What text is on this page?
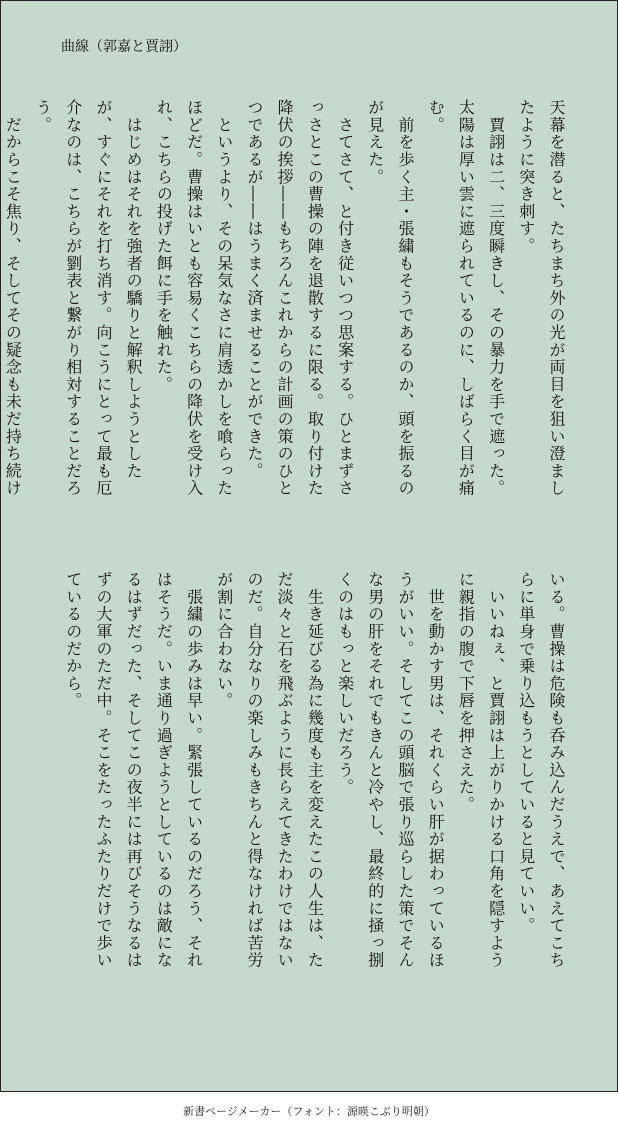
曲線（郭嘉と賈詡）

天幕を潜ると、たちまち外の光が両目を狙い澄ましたように突き刺す。

　賈詡は二、三度瞬きし、その暴力を手で遮った。太陽は厚い雲に遮られているのに、しばらく目が痛む。

　前を歩く主・張繍もそうであるのか、頭を振るのが見えた。

　さてさて、と付き従いつつ思案する。ひとまずさっさとこの曹操の陣を退散するに限る。取り付けた降伏の挨拶――もちろんこれからの計画の策のひとつであるが――はうまく済ませることができた。

　というより、その呆気なさに肩透かしを喰らったほどだ。曹操はいとも容易くこちらの降伏を受け入れ、こちらの投げた餌に手を触れた。

　はじめはそれを強者の驕りと解釈しようとしたが、すぐにそれを打ち消す。向こうにとって最も厄介なのは、こちらが劉表と繋がり相対することだろう。

　だからこそ焦り、そしてその疑念も未だ持ち続け

いる。曹操は危険も呑み込んだうえで、あえてこちらに単身で乗り込もうとしていると見ていい。

　いいねぇ、と賈詡は上がりかける口角を隠すように親指の腹で下唇を押さえた。

　世を動かす男は、それくらい肝が据わっているほうがいい。そしてこの頭脳で張り巡らした策でそんな男の肝をそれでもきんと冷やし、最終的に掻っ捌くのはもっと楽しいだろう。

　生き延びる為に幾度も主を変えたこの人生は、ただ淡々と石を飛ぶように長らえてきたわけではないのだ。自分なりの楽しみもきちんと得なければ苦労が割に合わない。

　張繍の歩みは早い。緊張しているのだろう、それはそうだ。いま通り過ぎようとしているのは敵になるはずだった、そしてこの夜半には再びそうなるはずの大軍のただ中。そこをたったふたりだけで歩いているのだから。

新書ページメーカー（フォント：源暎こぶり明朝）
